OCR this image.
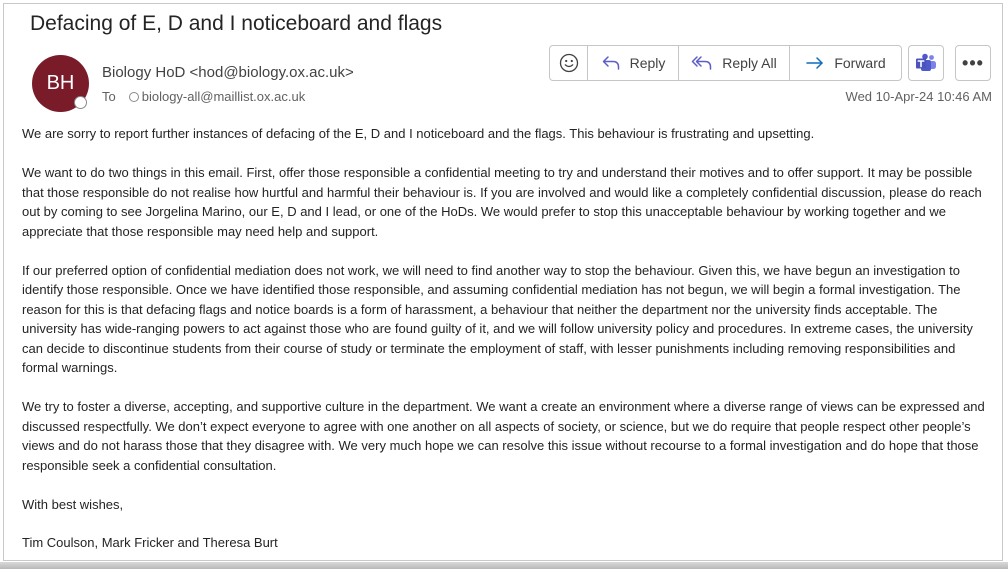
Defacing of E, D and I noticeboard and flags
BH Biology HoD <hod@biology.ox.ac.uk>
To biology-all@maillist.ox.ac.uk
Reply	Reply All	Forward	•••
Wed 10-Apr-24 10:46 AM

We are sorry to report further instances of defacing of the E, D and I noticeboard and the flags. This behaviour is frustrating and upsetting.

We want to do two things in this email. First, offer those responsible a confidential meeting to try and understand their motives and to offer support. It may be possible that those responsible do not realise how hurtful and harmful their behaviour is. If you are involved and would like a completely confidential discussion, please do reach out by coming to see Jorgelina Marino, our E, D and I lead, or one of the HoDs. We would prefer to stop this unacceptable behaviour by working together and we appreciate that those responsible may need help and support.

If our preferred option of confidential mediation does not work, we will need to find another way to stop the behaviour. Given this, we have begun an investigation to identify those responsible. Once we have identified those responsible, and assuming confidential mediation has not begun, we will begin a formal investigation. The reason for this is that defacing flags and notice boards is a form of harassment, a behaviour that neither the department nor the university finds acceptable. The university has wide-ranging powers to act against those who are found guilty of it, and we will follow university policy and procedures. In extreme cases, the university can decide to discontinue students from their course of study or terminate the employment of staff, with lesser punishments including removing responsibilities and formal warnings.

We try to foster a diverse, accepting, and supportive culture in the department. We want a create an environment where a diverse range of views can be expressed and discussed respectfully. We don’t expect everyone to agree with one another on all aspects of society, or science, but we do require that people respect other people’s views and do not harass those that they disagree with. We very much hope we can resolve this issue without recourse to a formal investigation and do hope that those responsible seek a confidential consultation.

With best wishes,

Tim Coulson, Mark Fricker and Theresa Burt
